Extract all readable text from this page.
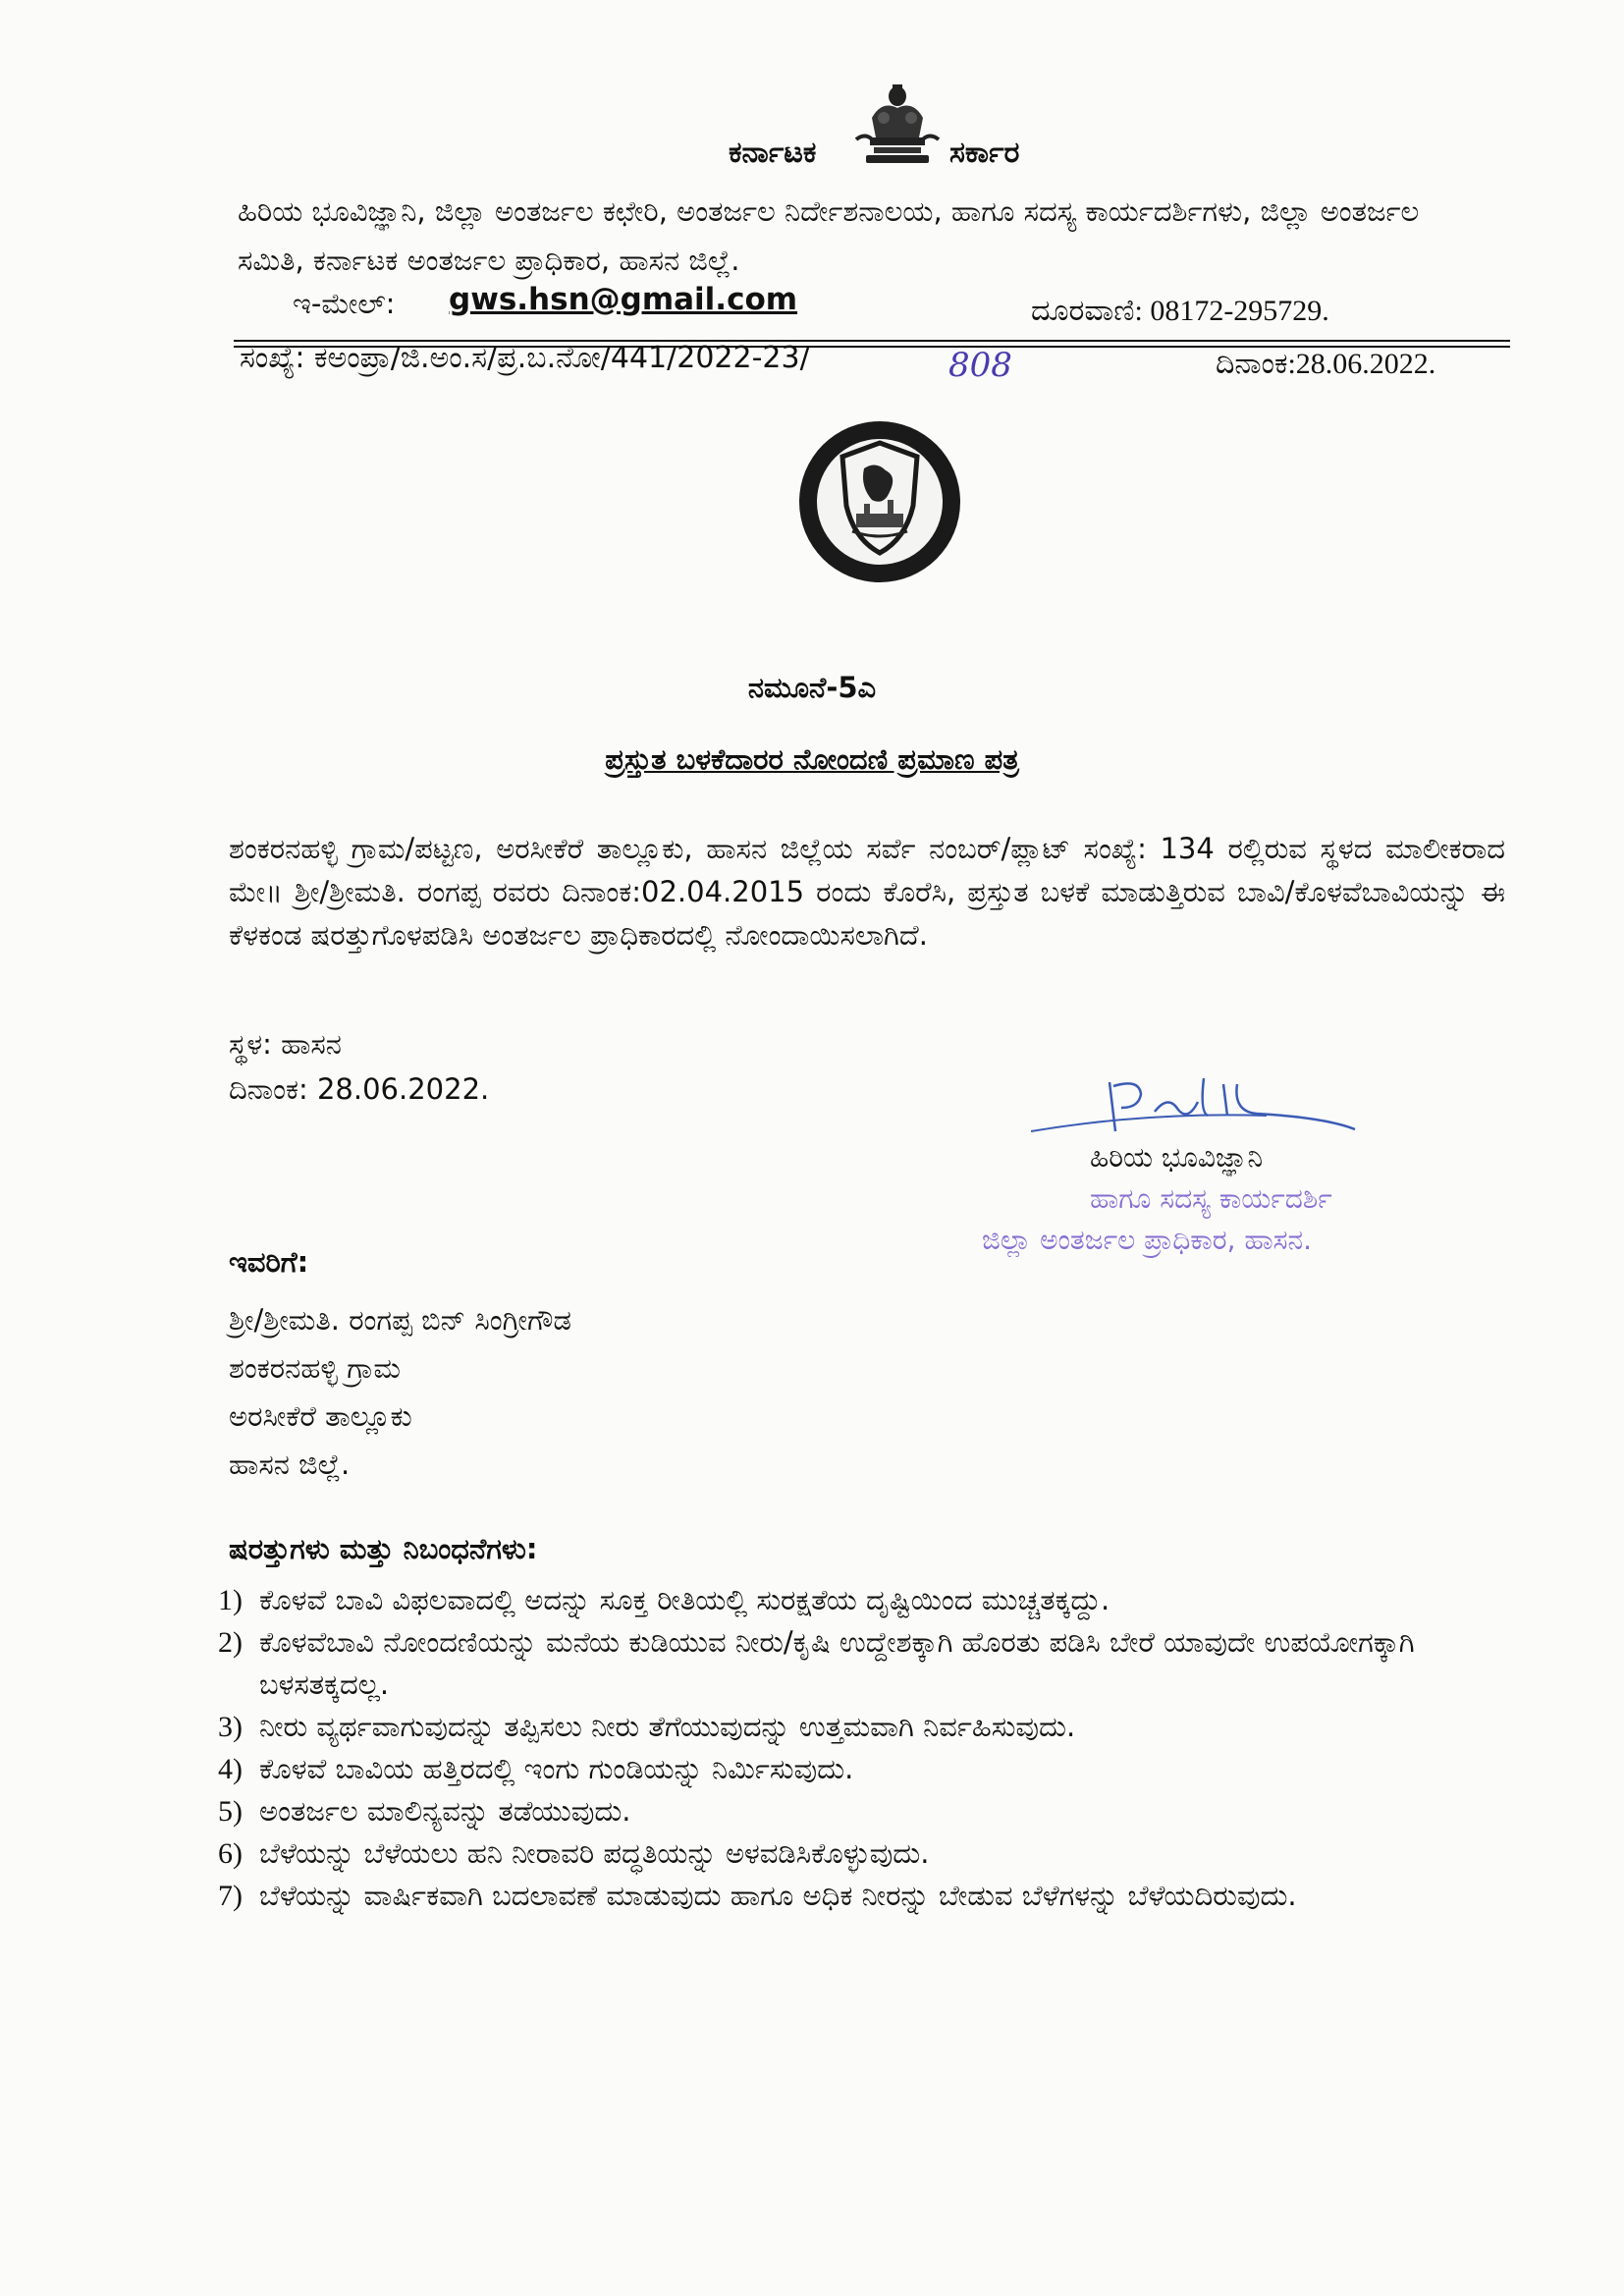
ಕರ್ನಾಟಕ	ಸರ್ಕಾರ
ಹಿರಿಯ ಭೂವಿಜ್ಞಾನಿ, ಜಿಲ್ಲಾ ಅಂತರ್ಜಲ ಕಛೇರಿ, ಅಂತರ್ಜಲ ನಿರ್ದೇಶನಾಲಯ, ಹಾಗೂ ಸದಸ್ಯ ಕಾರ್ಯದರ್ಶಿಗಳು, ಜಿಲ್ಲಾ ಅಂತರ್ಜಲ ಸಮಿತಿ, ಕರ್ನಾಟಕ ಅಂತರ್ಜಲ ಪ್ರಾಧಿಕಾರ, ಹಾಸನ ಜಿಲ್ಲೆ.
ಇ-ಮೇಲ್: gws.hsn@gmail.com	ದೂರವಾಣಿ: 08172-295729.
ಸಂಖ್ಯೆ: ಕಅಂಪ್ರಾ/ಜಿ.ಅಂ.ಸ/ಪ್ರ.ಬ.ನೋ/441/2022-23/	808	ದಿನಾಂಕ:28.06.2022.
ನಮೂನೆ-5ಎ
ಪ್ರಸ್ತುತ ಬಳಕೆದಾರರ ನೋಂದಣಿ ಪ್ರಮಾಣ ಪತ್ರ
ಶಂಕರನಹಳ್ಳಿ ಗ್ರಾಮ/ಪಟ್ಟಣ, ಅರಸೀಕೆರೆ ತಾಲ್ಲೂಕು, ಹಾಸನ ಜಿಲ್ಲೆಯ ಸರ್ವೆ ನಂಬರ್/ಪ್ಲಾಟ್ ಸಂಖ್ಯೆ: 134 ರಲ್ಲಿರುವ ಸ್ಥಳದ ಮಾಲೀಕರಾದ ಮೇ॥ ಶ್ರೀ/ಶ್ರೀಮತಿ. ರಂಗಪ್ಪ ರವರು ದಿನಾಂಕ:02.04.2015 ರಂದು ಕೊರೆಸಿ, ಪ್ರಸ್ತುತ ಬಳಕೆ ಮಾಡುತ್ತಿರುವ ಬಾವಿ/ಕೊಳವೆಬಾವಿಯನ್ನು ಈ ಕೆಳಕಂಡ ಷರತ್ತುಗೊಳಪಡಿಸಿ ಅಂತರ್ಜಲ ಪ್ರಾಧಿಕಾರದಲ್ಲಿ ನೋಂದಾಯಿಸಲಾಗಿದೆ.
ಸ್ಥಳ: ಹಾಸನ
ದಿನಾಂಕ: 28.06.2022.
ಹಿರಿಯ ಭೂವಿಜ್ಞಾನಿ
ಹಾಗೂ ಸದಸ್ಯ ಕಾರ್ಯದರ್ಶಿ
ಜಿಲ್ಲಾ ಅಂತರ್ಜಲ ಪ್ರಾಧಿಕಾರ, ಹಾಸನ.
ಇವರಿಗೆ:
ಶ್ರೀ/ಶ್ರೀಮತಿ. ರಂಗಪ್ಪ ಬಿನ್ ಸಿಂಗ್ರೀಗೌಡ
ಶಂಕರನಹಳ್ಳಿ ಗ್ರಾಮ
ಅರಸೀಕೆರೆ ತಾಲ್ಲೂಕು
ಹಾಸನ ಜಿಲ್ಲೆ.
ಷರತ್ತುಗಳು ಮತ್ತು ನಿಬಂಧನೆಗಳು:
1) ಕೊಳವೆ ಬಾವಿ ವಿಫಲವಾದಲ್ಲಿ ಅದನ್ನು ಸೂಕ್ತ ರೀತಿಯಲ್ಲಿ ಸುರಕ್ಷತೆಯ ದೃಷ್ಟಿಯಿಂದ ಮುಚ್ಚತಕ್ಕದ್ದು.
2) ಕೊಳವೆಬಾವಿ ನೋಂದಣಿಯನ್ನು ಮನೆಯ ಕುಡಿಯುವ ನೀರು/ಕೃಷಿ ಉದ್ದೇಶಕ್ಕಾಗಿ ಹೊರತು ಪಡಿಸಿ ಬೇರೆ ಯಾವುದೇ ಉಪಯೋಗಕ್ಕಾಗಿ ಬಳಸತಕ್ಕದಲ್ಲ.
3) ನೀರು ವ್ಯರ್ಥವಾಗುವುದನ್ನು ತಪ್ಪಿಸಲು ನೀರು ತೆಗೆಯುವುದನ್ನು ಉತ್ತಮವಾಗಿ ನಿರ್ವಹಿಸುವುದು.
4) ಕೊಳವೆ ಬಾವಿಯ ಹತ್ತಿರದಲ್ಲಿ ಇಂಗು ಗುಂಡಿಯನ್ನು ನಿರ್ಮಿಸುವುದು.
5) ಅಂತರ್ಜಲ ಮಾಲಿನ್ಯವನ್ನು ತಡೆಯುವುದು.
6) ಬೆಳೆಯನ್ನು ಬೆಳೆಯಲು ಹನಿ ನೀರಾವರಿ ಪದ್ಧತಿಯನ್ನು ಅಳವಡಿಸಿಕೊಳ್ಳುವುದು.
7) ಬೆಳೆಯನ್ನು ವಾರ್ಷಿಕವಾಗಿ ಬದಲಾವಣೆ ಮಾಡುವುದು ಹಾಗೂ ಅಧಿಕ ನೀರನ್ನು ಬೇಡುವ ಬೆಳೆಗಳನ್ನು ಬೆಳೆಯದಿರುವುದು.
